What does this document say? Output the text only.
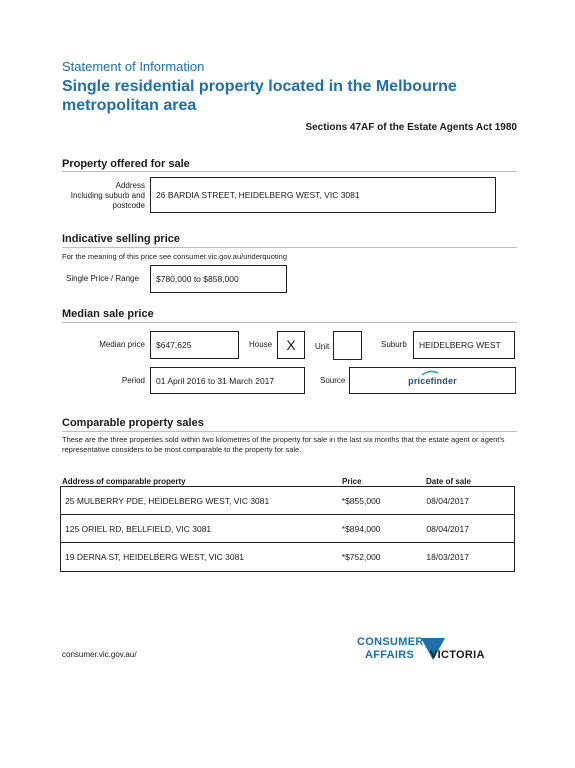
Statement of Information
Single residential property located in the Melbourne metropolitan area
Sections 47AF of the Estate Agents Act 1980
Property offered for sale
Address
Including suburb and
postcode
26 BARDIA STREET, HEIDELBERG WEST, VIC 3081
Indicative selling price
For the meaning of this price see consumer.vic.gov.au/underquoting
Single Price / Range	$780,000 to $858,000
Median sale price
Median price	$647,625	House	X	Unit	Suburb	HEIDELBERG WEST
Period	01 April 2016 to 31 March 2017	Source	pricefinder
Comparable property sales
These are the three properties sold within two kilometres of the property for sale in the last six months that the estate agent or agent's representative considers to be most comparable to the property for sale.
Address of comparable property	Price	Date of sale
25 MULBERRY PDE, HEIDELBERG WEST, VIC 3081	*$855,000	08/04/2017
125 ORIEL RD, BELLFIELD, VIC 3081	*$894,000	08/04/2017
19 DERNA ST, HEIDELBERG WEST, VIC 3081	*$752,000	18/03/2017
consumer.vic.gov.au/
CONSUMER
AFFAIRS VICTORIA
